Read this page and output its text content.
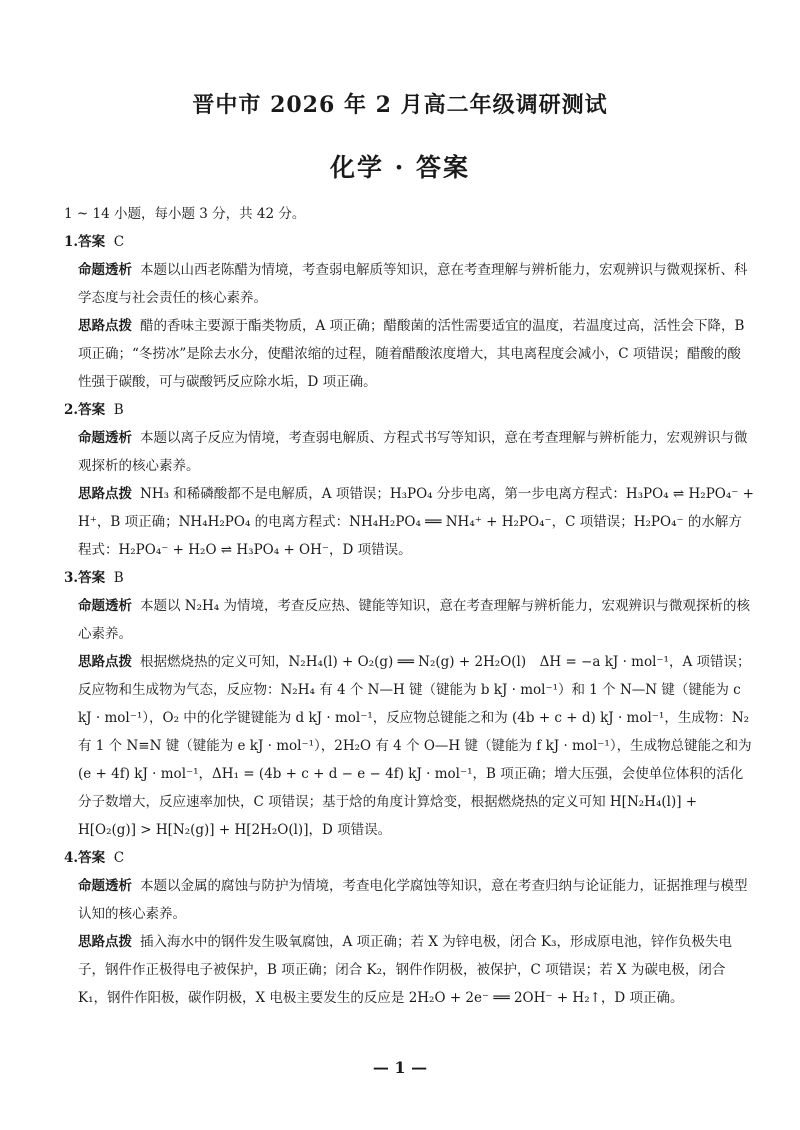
晋中市 2026 年 2 月高二年级调研测试
化学 · 答案

1 ~ 14 小题，每小题 3 分，共 42 分。

1.答案 C

命题透析 本题以山西老陈醋为情境，考查弱电解质等知识，意在考查理解与辨析能力，宏观辨识与微观探析、科学态度与社会责任的核心素养。

思路点拨 醋的香味主要源于酯类物质，A 项正确；醋酸菌的活性需要适宜的温度，若温度过高，活性会下降，B 项正确；“冬捞冰”是除去水分，使醋浓缩的过程，随着醋酸浓度增大，其电离程度会减小，C 项错误；醋酸的酸性强于碳酸，可与碳酸钙反应除水垢，D 项正确。

2.答案 B

命题透析 本题以离子反应为情境，考查弱电解质、方程式书写等知识，意在考查理解与辨析能力，宏观辨识与微观探析的核心素养。

思路点拨 NH₃ 和稀磷酸都不是电解质，A 项错误；H₃PO₄ 分步电离，第一步电离方程式：H₃PO₄ ⇌ H₂PO₄⁻ + H⁺，B 项正确；NH₄H₂PO₄ 的电离方程式：NH₄H₂PO₄ ══ NH₄⁺ + H₂PO₄⁻，C 项错误；H₂PO₄⁻ 的水解方程式：H₂PO₄⁻ + H₂O ⇌ H₃PO₄ + OH⁻，D 项错误。

3.答案 B

命题透析 本题以 N₂H₄ 为情境，考查反应热、键能等知识，意在考查理解与辨析能力，宏观辨识与微观探析的核心素养。

思路点拨 根据燃烧热的定义可知，N₂H₄(l) + O₂(g) ══ N₂(g) + 2H₂O(l)　ΔH = −a kJ · mol⁻¹，A 项错误；反应物和生成物为气态，反应物：N₂H₄ 有 4 个 N—H 键（键能为 b kJ · mol⁻¹）和 1 个 N—N 键（键能为 c kJ · mol⁻¹），O₂ 中的化学键键能为 d kJ · mol⁻¹，反应物总键能之和为 (4b + c + d) kJ · mol⁻¹，生成物：N₂ 有 1 个 N≡N 键（键能为 e kJ · mol⁻¹），2H₂O 有 4 个 O—H 键（键能为 f kJ · mol⁻¹），生成物总键能之和为 (e + 4f) kJ · mol⁻¹，ΔH₁ = (4b + c + d − e − 4f) kJ · mol⁻¹，B 项正确；增大压强，会使单位体积的活化分子数增大，反应速率加快，C 项错误；基于焓的角度计算焓变，根据燃烧热的定义可知 H[N₂H₄(l)] + H[O₂(g)] > H[N₂(g)] + H[2H₂O(l)]，D 项错误。

4.答案 C

命题透析 本题以金属的腐蚀与防护为情境，考查电化学腐蚀等知识，意在考查归纳与论证能力，证据推理与模型认知的核心素养。

思路点拨 插入海水中的钢件发生吸氧腐蚀，A 项正确；若 X 为锌电极，闭合 K₃，形成原电池，锌作负极失电子，钢件作正极得电子被保护，B 项正确；闭合 K₂，钢件作阴极，被保护，C 项错误；若 X 为碳电极，闭合 K₁，钢件作阳极，碳作阴极，X 电极主要发生的反应是 2H₂O + 2e⁻ ══ 2OH⁻ + H₂↑，D 项正确。

— 1 —
